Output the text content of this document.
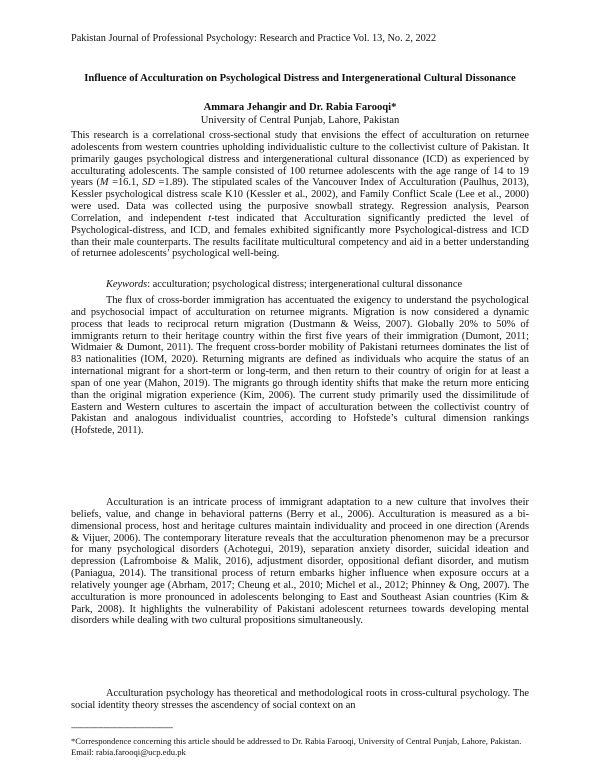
Pakistan Journal of Professional Psychology: Research and Practice Vol. 13, No. 2, 2022
Influence of Acculturation on Psychological Distress and Intergenerational Cultural Dissonance
Ammara Jehangir and Dr. Rabia Farooqi*
University of Central Punjab, Lahore, Pakistan

This research is a correlational cross-sectional study that envisions the effect of acculturation on returnee adolescents from western countries upholding individualistic culture to the collectivist culture of Pakistan. It primarily gauges psychological distress and intergenerational cultural dissonance (ICD) as experienced by acculturating adolescents. The sample consisted of 100 returnee adolescents with the age range of 14 to 19 years (M =16.1, SD =1.89). The stipulated scales of the Vancouver Index of Acculturation (Paulhus, 2013), Kessler psychological distress scale K10 (Kessler et al., 2002), and Family Conflict Scale (Lee et al., 2000) were used. Data was collected using the purposive snowball strategy. Regression analysis, Pearson Correlation, and independent t-test indicated that Acculturation significantly predicted the level of Psychological-distress, and ICD, and females exhibited significantly more Psychological-distress and ICD than their male counterparts. The results facilitate multicultural competency and aid in a better understanding of returnee adolescents’ psychological well-being.

Keywords: acculturation; psychological distress; intergenerational cultural dissonance

The flux of cross-border immigration has accentuated the exigency to understand the psychological and psychosocial impact of acculturation on returnee migrants. Migration is now considered a dynamic process that leads to reciprocal return migration (Dustmann & Weiss, 2007). Globally 20% to 50% of immigrants return to their heritage country within the first five years of their immigration (Dumont, 2011; Widmaier & Dumont, 2011). The frequent cross-border mobility of Pakistani returnees dominates the list of 83 nationalities (IOM, 2020). Returning migrants are defined as individuals who acquire the status of an international migrant for a short-term or long-term, and then return to their country of origin for at least a span of one year (Mahon, 2019). The migrants go through identity shifts that make the return more enticing than the original migration experience (Kim, 2006). The current study primarily used the dissimilitude of Eastern and Western cultures to ascertain the impact of acculturation between the collectivist country of Pakistan and analogous individualist countries, according to Hofstede’s cultural dimension rankings (Hofstede, 2011).

Acculturation is an intricate process of immigrant adaptation to a new culture that involves their beliefs, value, and change in behavioral patterns (Berry et al., 2006). Acculturation is measured as a bi-dimensional process, host and heritage cultures maintain individuality and proceed in one direction (Arends & Vijuer, 2006). The contemporary literature reveals that the acculturation phenomenon may be a precursor for many psychological disorders (Achotegui, 2019), separation anxiety disorder, suicidal ideation and depression (Lafromboise & Malik, 2016), adjustment disorder, oppositional defiant disorder, and mutism (Paniagua, 2014). The transitional process of return embarks higher influence when exposure occurs at a relatively younger age (Abrham, 2017; Cheung et al., 2010; Michel et al., 2012; Phinney & Ong, 2007). The acculturation is more pronounced in adolescents belonging to East and Southeast Asian countries (Kim & Park, 2008). It highlights the vulnerability of Pakistani adolescent returnees towards developing mental disorders while dealing with two cultural propositions simultaneously.

Acculturation psychology has theoretical and methodological roots in cross-cultural psychology. The social identity theory stresses the ascendency of social context on an

-----------------------------------------------

*Correspondence concerning this article should be addressed to Dr. Rabia Farooqi, University of Central Punjab, Lahore, Pakistan. Email: rabia.farooqi@ucp.edu.pk
